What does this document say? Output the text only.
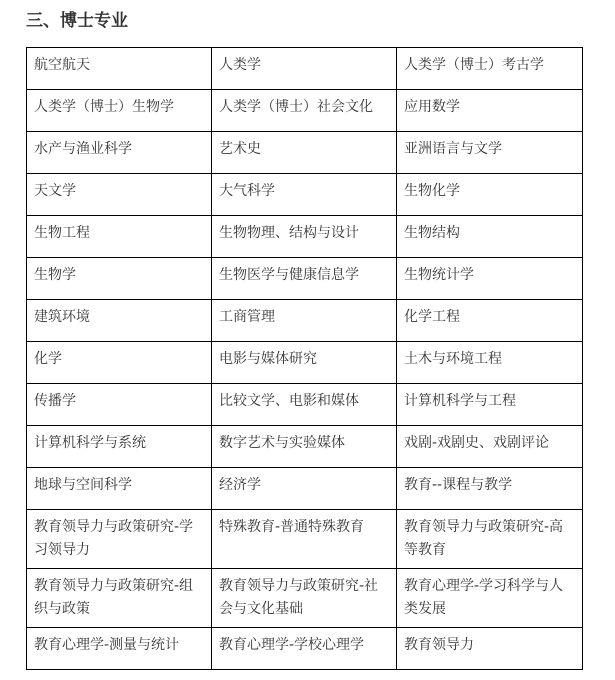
三、博士专业
航空航天	人类学	人类学（博士）考古学
人类学（博士）生物学	人类学（博士）社会文化	应用数学
水产与渔业科学	艺术史	亚洲语言与文学
天文学	大气科学	生物化学
生物工程	生物物理、结构与设计	生物结构
生物学	生物医学与健康信息学	生物统计学
建筑环境	工商管理	化学工程
化学	电影与媒体研究	土木与环境工程
传播学	比较文学、电影和媒体	计算机科学与工程
计算机科学与系统	数字艺术与实验媒体	戏剧-戏剧史、戏剧评论
地球与空间科学	经济学	教育--课程与教学
教育领导力与政策研究-学习领导力	特殊教育-普通特殊教育	教育领导力与政策研究-高等教育
教育领导力与政策研究-组织与政策	教育领导力与政策研究-社会与文化基础	教育心理学-学习科学与人类发展
教育心理学-测量与统计	教育心理学-学校心理学	教育领导力
